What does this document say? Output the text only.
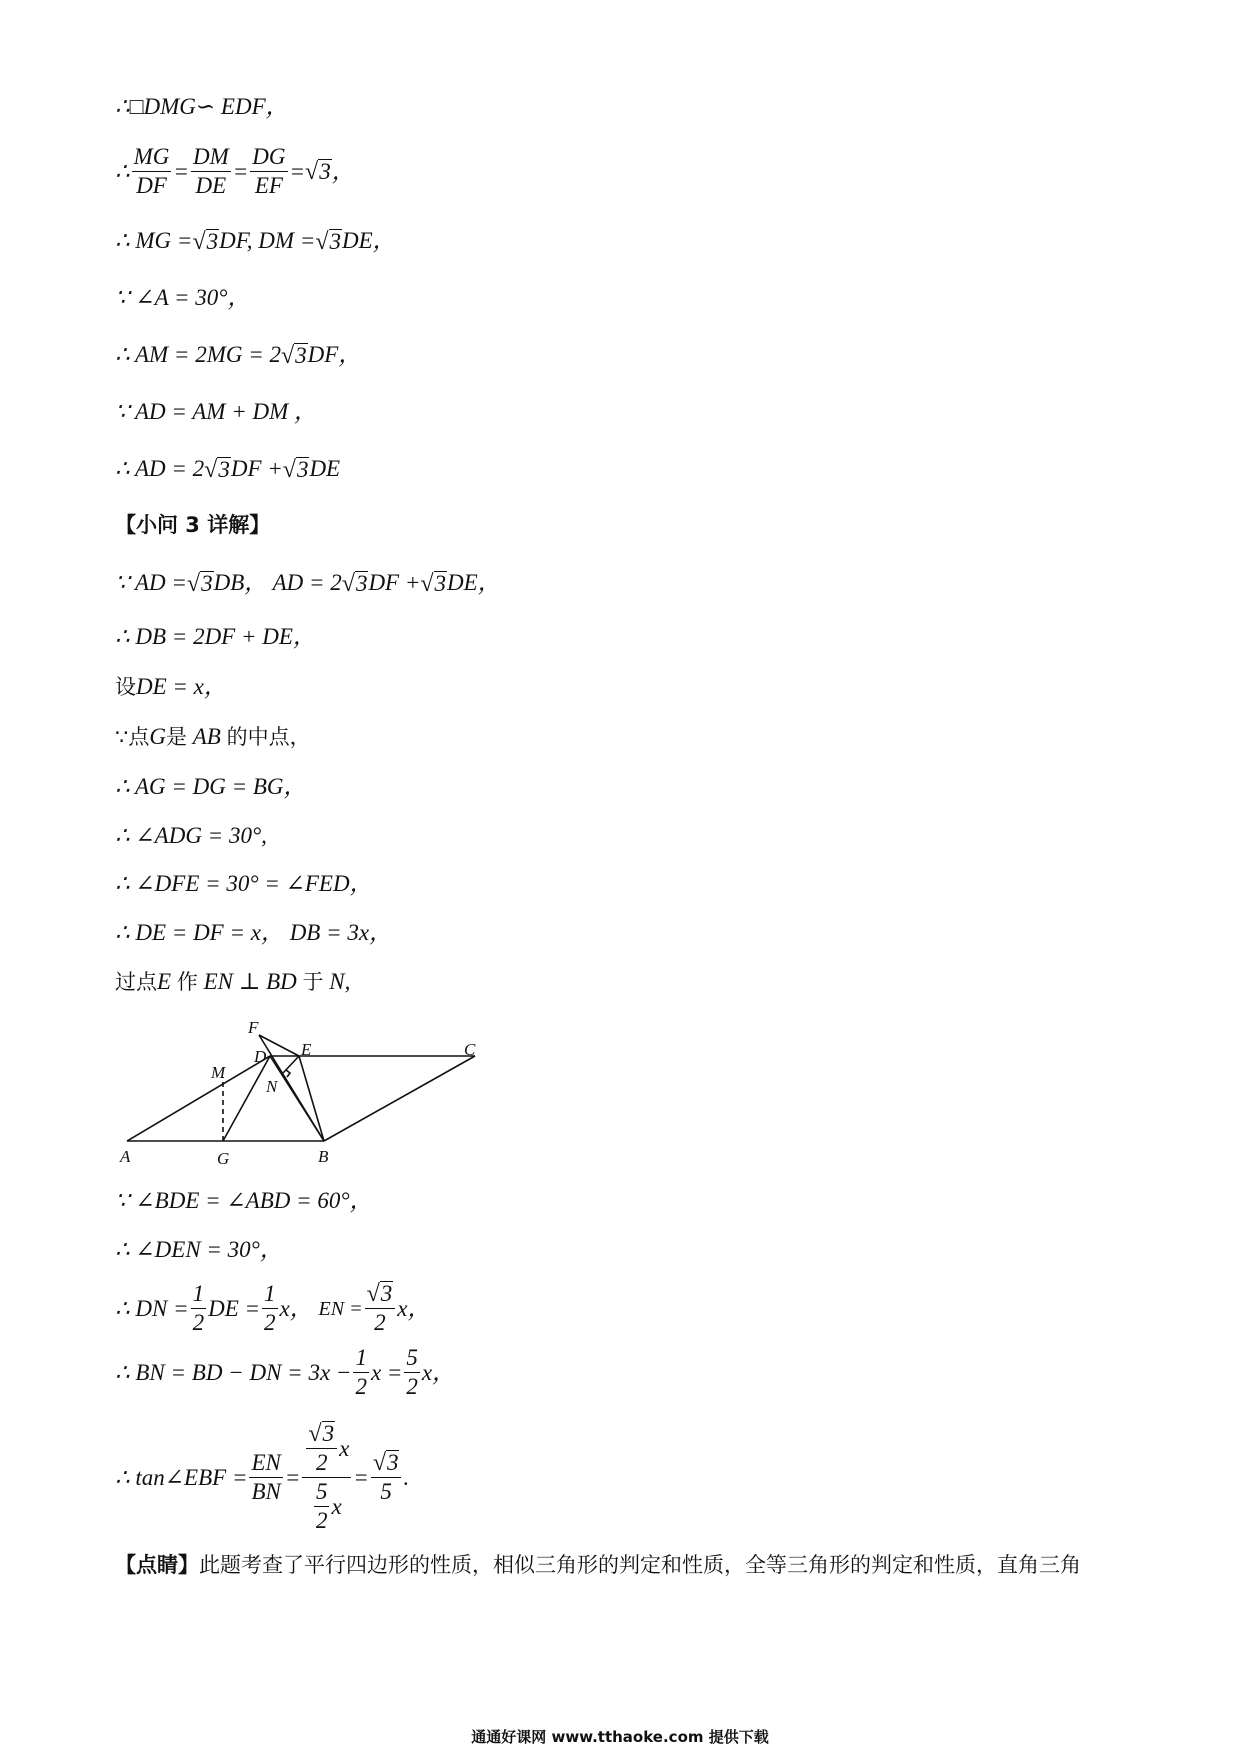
∴□DMG∽ EDF，
∴ $\frac{MG}{DF} = \frac{DM}{DE} = \frac{DG}{EF}$ = √ 3 ，
∴ MG = √ 3 DF, DM = √ 3 DE，
∵ ∠A = 30°，
∴ AM = 2MG = 2 √ 3 DF，
∵ AD = AM + DM ，
∴ AD = 2 √ 3 DF + √ 3 DE
【小问 3 详解】
∵ AD = √ 3 DB， AD = 2 √ 3 DF + √ 3 DE，
∴ DB = 2DF + DE，
设 DE = x，
∵点 G 是
AB
的中点，
∴ AG = DG = BG，
∴ ∠ADG = 30°,
∴ ∠DFE = 30° = ∠FED，
∴ DE = DF = x， DB = 3x，
过点 E
作
EN ⊥ BD
于
N,
F
D E	C
M
N
A	G	B
∵ ∠BDE = ∠ABD = 60°，
∴ ∠DEN = 30°，
∴ DN = $\frac{1}{2}$ DE = $\frac{1}{2}$ x，
EN = $\frac{√ 3}{2}$ x，
∴ BN = BD − DN = $3x - \frac{1}{2}$ $x = \frac{5}{2}$ x，
∴ tan∠EBF = $\frac{EN}{BN} = \frac{\frac{√ 3}{2} x}{\frac{5}{2} x} = \frac{√ 3}{5}$ .
【点睛】 此题考查了平行四边形的性质，相似三角形的判定和性质，全等三角形的判定和性质，直角三角
通通好课网 www.tthaoke.com 提供下载
